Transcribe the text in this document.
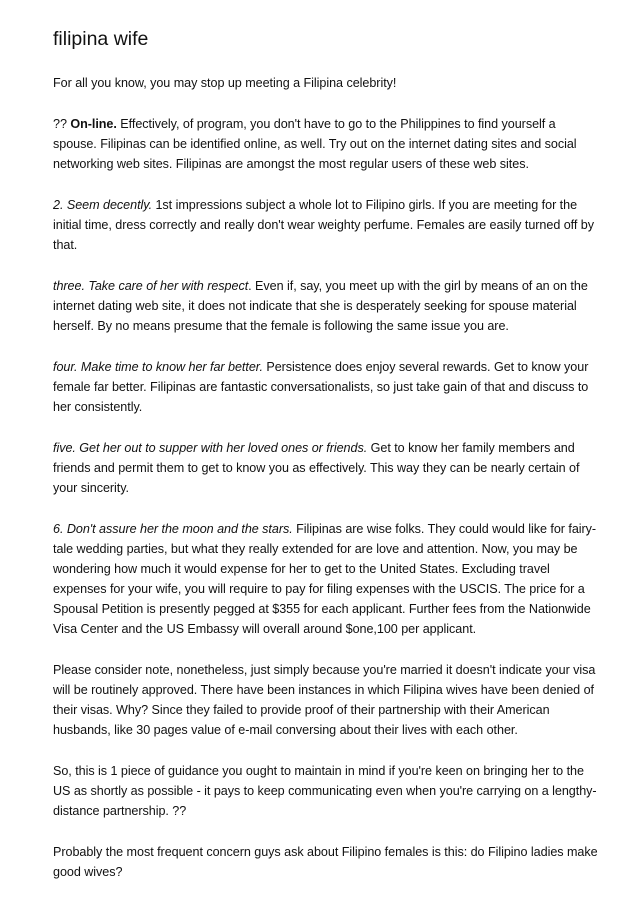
filipina wife

For all you know, you may stop up meeting a Filipina celebrity!

?? On-line. Effectively, of program, you don't have to go to the Philippines to find yourself a spouse. Filipinas can be identified online, as well. Try out on the internet dating sites and social networking web sites. Filipinas are amongst the most regular users of these web sites.

2. Seem decently. 1st impressions subject a whole lot to Filipino girls. If you are meeting for the initial time, dress correctly and really don't wear weighty perfume. Females are easily turned off by that.

three. Take care of her with respect. Even if, say, you meet up with the girl by means of an on the internet dating web site, it does not indicate that she is desperately seeking for spouse material herself. By no means presume that the female is following the same issue you are.

four. Make time to know her far better. Persistence does enjoy several rewards. Get to know your female far better. Filipinas are fantastic conversationalists, so just take gain of that and discuss to her consistently.

five. Get her out to supper with her loved ones or friends. Get to know her family members and friends and permit them to get to know you as effectively. This way they can be nearly certain of your sincerity.

6. Don't assure her the moon and the stars. Filipinas are wise folks. They could would like for fairy-tale wedding parties, but what they really extended for are love and attention. Now, you may be wondering how much it would expense for her to get to the United States. Excluding travel expenses for your wife, you will require to pay for filing expenses with the USCIS. The price for a Spousal Petition is presently pegged at $355 for each applicant. Further fees from the Nationwide Visa Center and the US Embassy will overall around $one,100 per applicant.

Please consider note, nonetheless, just simply because you're married it doesn't indicate your visa will be routinely approved. There have been instances in which Filipina wives have been denied of their visas. Why? Since they failed to provide proof of their partnership with their American husbands, like 30 pages value of e-mail conversing about their lives with each other.

So, this is 1 piece of guidance you ought to maintain in mind if you're keen on bringing her to the US as shortly as possible - it pays to keep communicating even when you're carrying on a lengthy-distance partnership. ??

Probably the most frequent concern guys ask about Filipino females is this: do Filipino ladies make good wives?
